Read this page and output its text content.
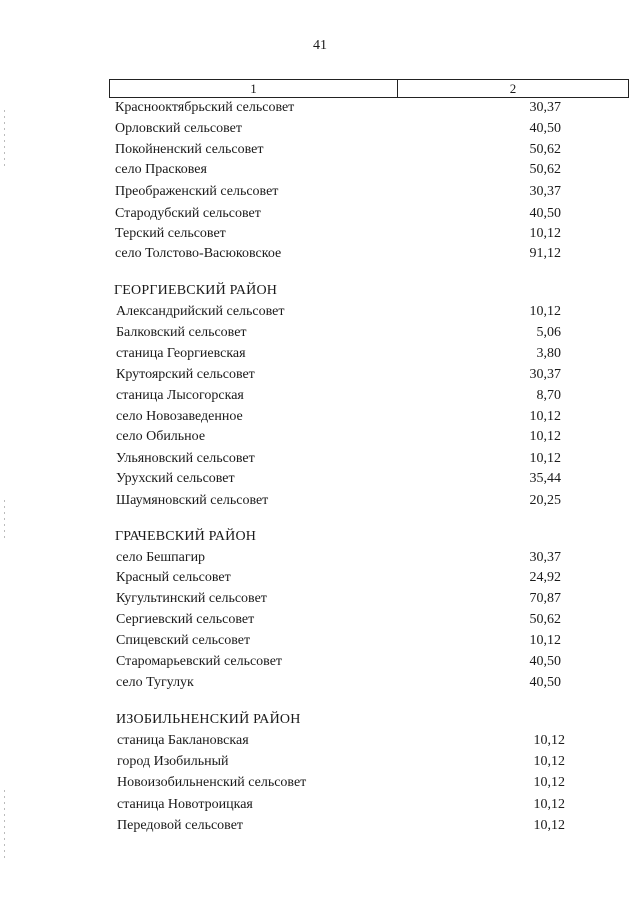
41
1	2
Краснооктябрьский сельсовет	30,37
Орловский сельсовет	40,50
Покойненский сельсовет	50,62
село Прасковея	50,62
Преображенский сельсовет	30,37
Стародубский сельсовет	40,50
Терский сельсовет	10,12
село Толстово-Васюковское	91,12
ГЕОРГИЕВСКИЙ РАЙОН
Александрийский сельсовет	10,12
Балковский сельсовет	5,06
станица Георгиевская	3,80
Крутоярский сельсовет	30,37
станица Лысогорская	8,70
село Новозаведенное	10,12
село Обильное	10,12
Ульяновский сельсовет	10,12
Урухский сельсовет	35,44
Шаумяновский сельсовет	20,25
ГРАЧЕВСКИЙ РАЙОН
село Бешпагир	30,37
Красный сельсовет	24,92
Кугультинский сельсовет	70,87
Сергиевский сельсовет	50,62
Спицевский сельсовет	10,12
Старомарьевский сельсовет	40,50
село Тугулук	40,50
ИЗОБИЛЬНЕНСКИЙ РАЙОН
станица Баклановская	10,12
город Изобильный	10,12
Новоизобильненский сельсовет	10,12
станица Новотроицкая	10,12
Передовой сельсовет	10,12
